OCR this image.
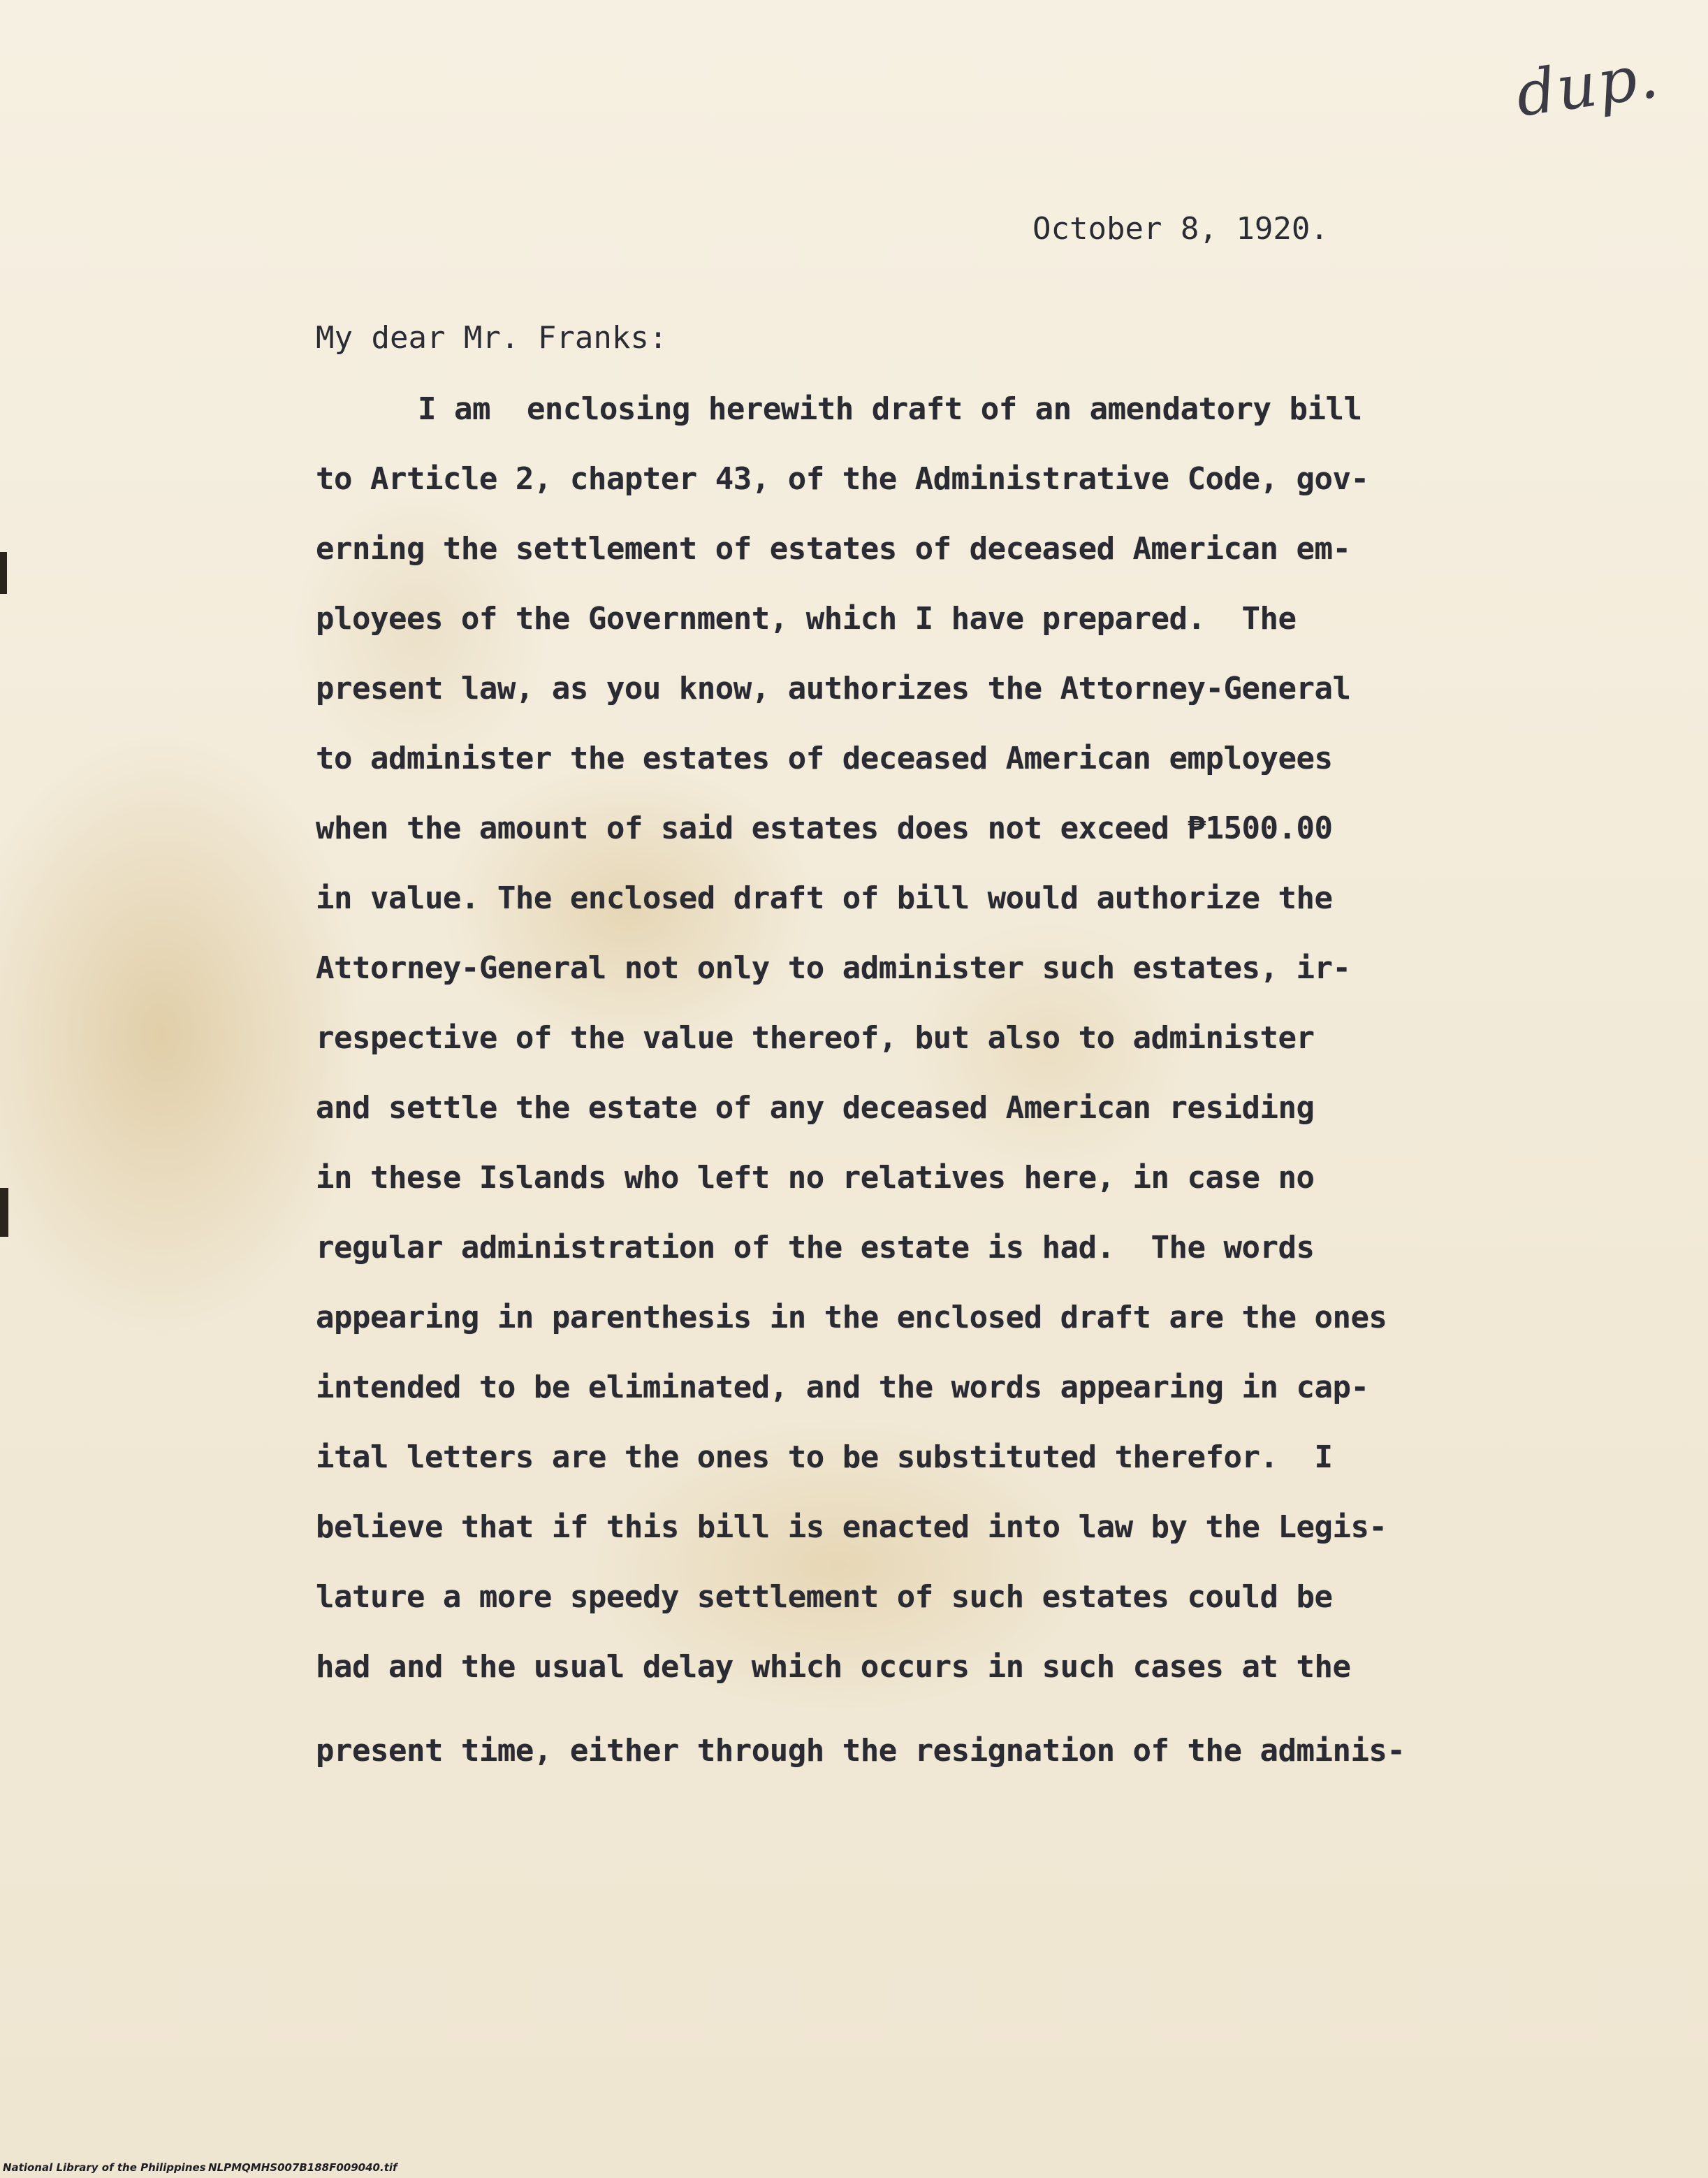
dup.
October 8, 1920.
My dear Mr. Franks:
I am  enclosing herewith draft of an amendatory bill
to Article 2, chapter 43, of the Administrative Code, gov-
erning the settlement of estates of deceased American em-
ployees of the Government, which I have prepared.  The
present law, as you know, authorizes the Attorney-General
to administer the estates of deceased American employees
when the amount of said estates does not exceed ₱1500.00
in value. The enclosed draft of bill would authorize the
Attorney-General not only to administer such estates, ir-
respective of the value thereof, but also to administer
and settle the estate of any deceased American residing
in these Islands who left no relatives here, in case no
regular administration of the estate is had.  The words
appearing in parenthesis in the enclosed draft are the ones
intended to be eliminated, and the words appearing in cap-
ital letters are the ones to be substituted therefor.  I
believe that if this bill is enacted into law by the Legis-
lature a more speedy settlement of such estates could be
had and the usual delay which occurs in such cases at the
present time, either through the resignation of the adminis-
National Library of the Philippines NLPMQMHS007B188F009040.tif
